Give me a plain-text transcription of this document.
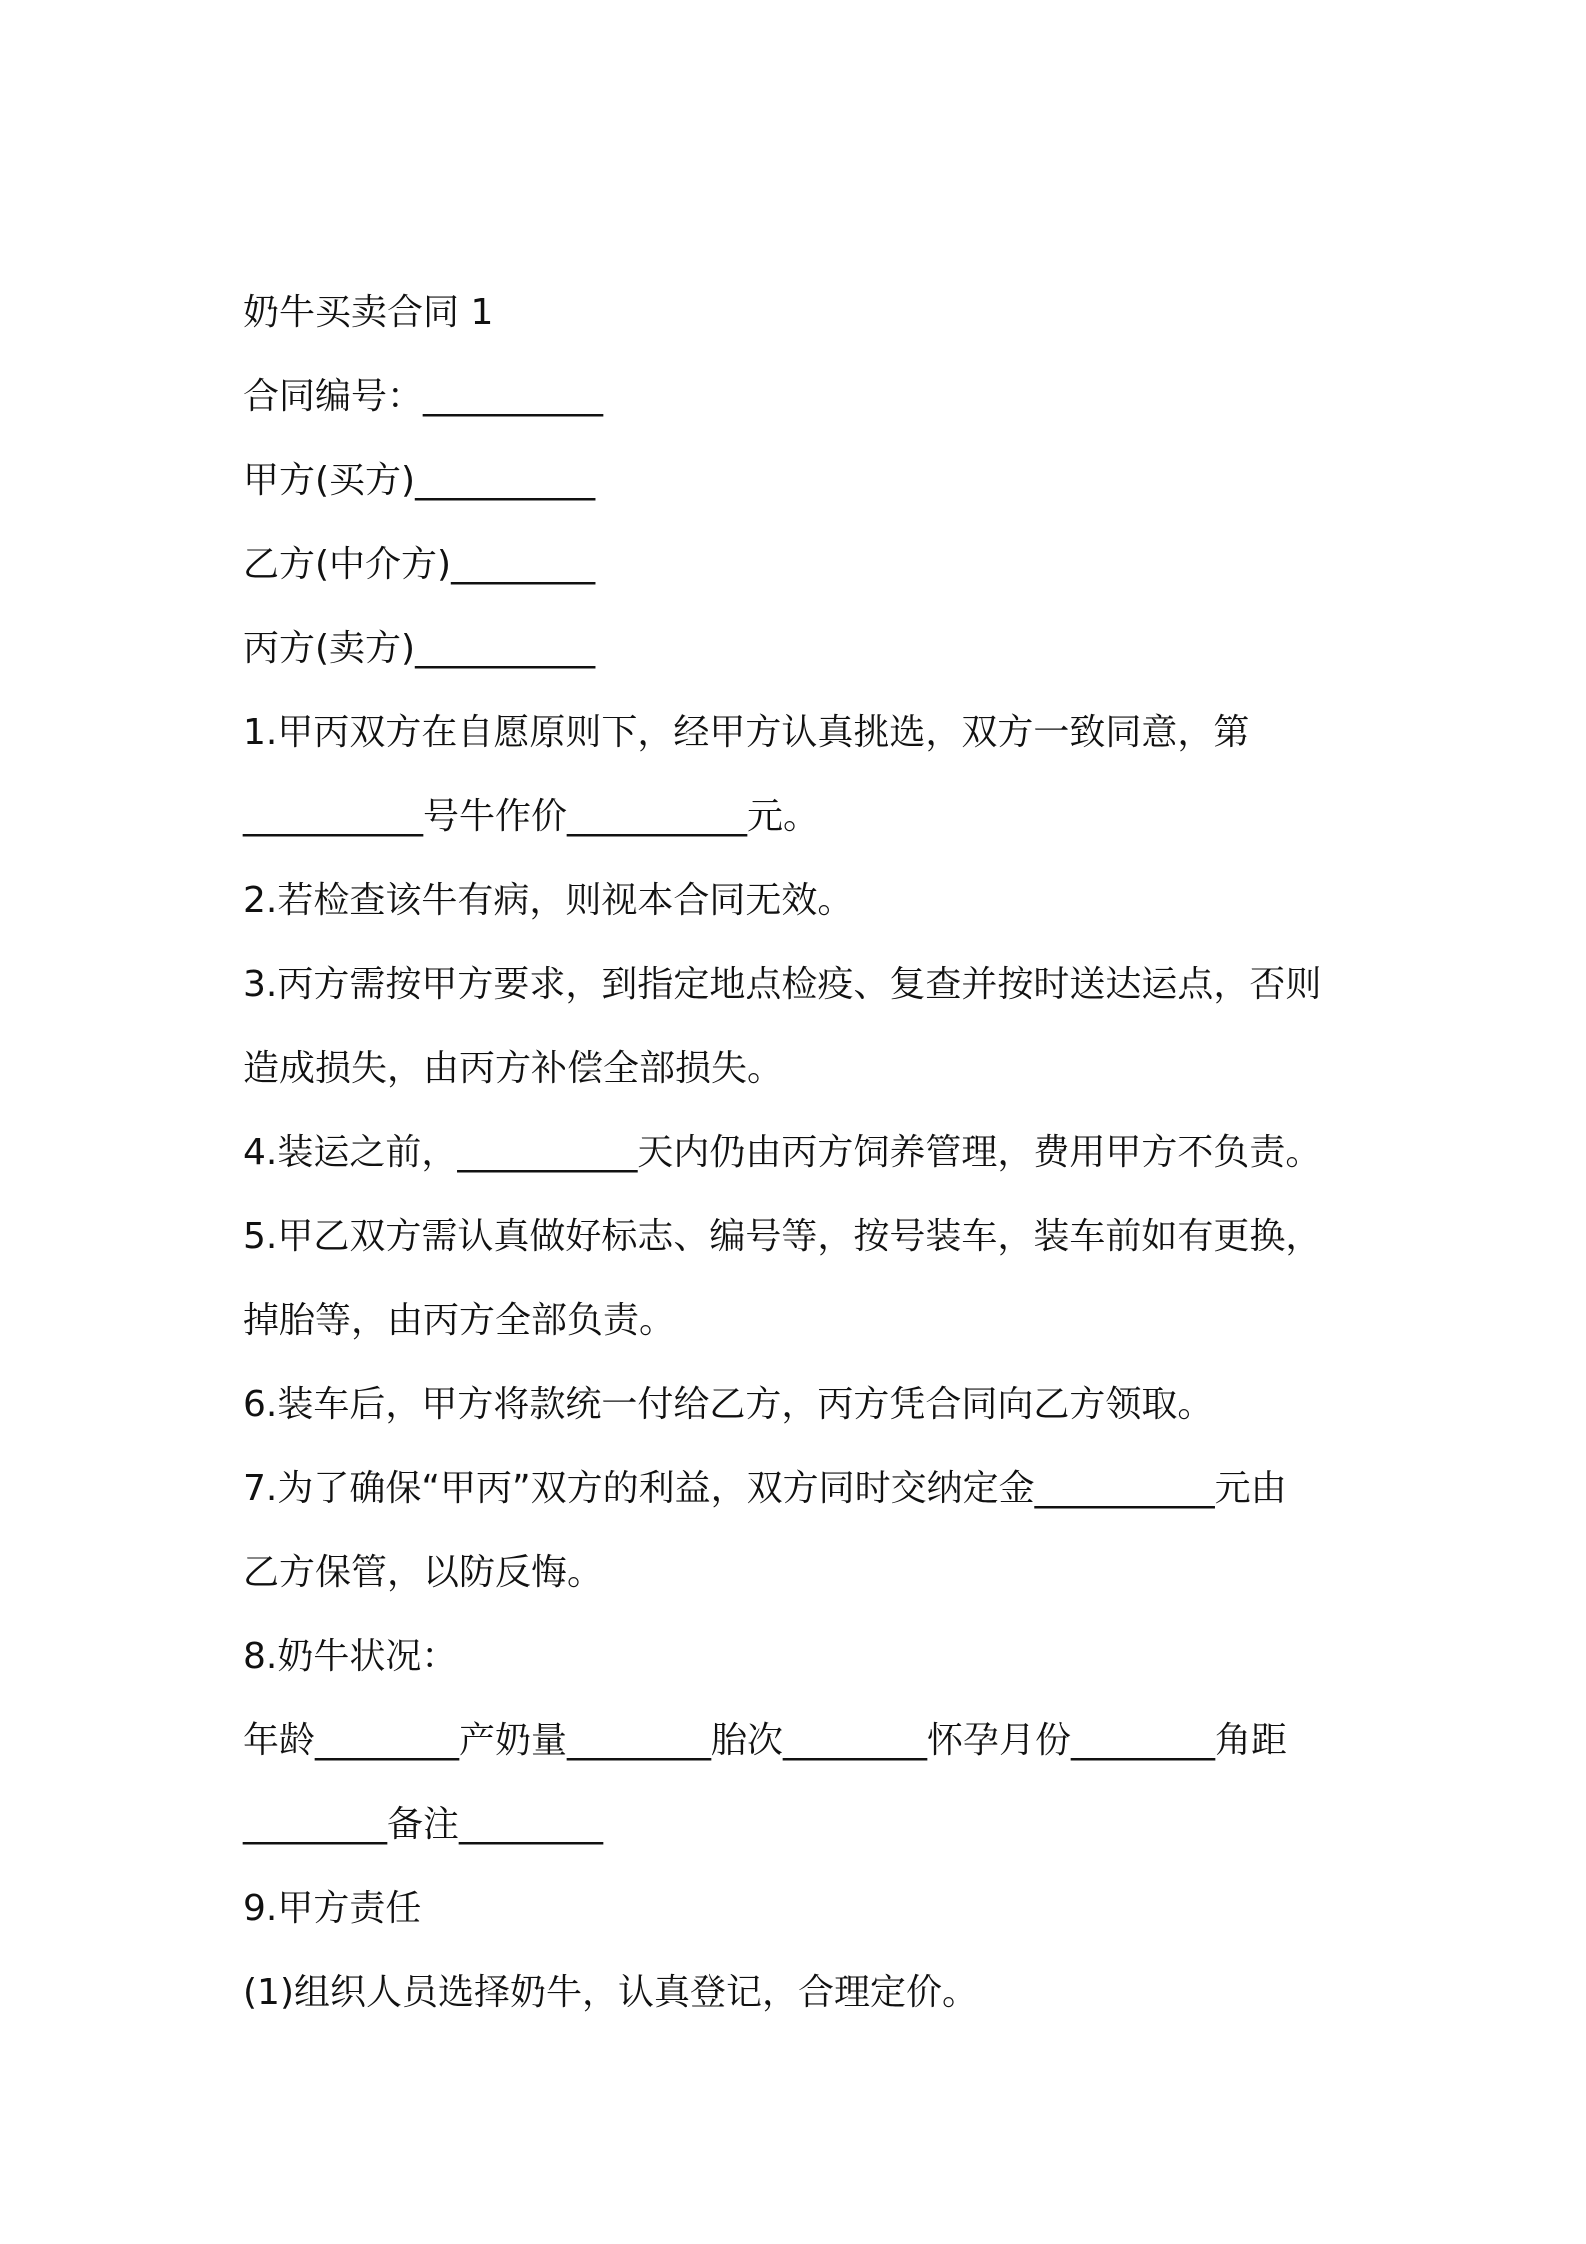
奶牛买卖合同 1
合同编号：__________
甲方(买方)__________
乙方(中介方)________
丙方(卖方)__________
1.甲丙双方在自愿原则下，经甲方认真挑选，双方一致同意，第
__________号牛作价__________元。
2.若检查该牛有病，则视本合同无效。
3.丙方需按甲方要求，到指定地点检疫、复查并按时送达运点，否则
造成损失，由丙方补偿全部损失。
4.装运之前，__________天内仍由丙方饲养管理，费用甲方不负责。
5.甲乙双方需认真做好标志、编号等，按号装车，装车前如有更换，
掉胎等，由丙方全部负责。
6.装车后，甲方将款统一付给乙方，丙方凭合同向乙方领取。
7.为了确保“甲丙”双方的利益，双方同时交纳定金__________元由
乙方保管，以防反悔。
8.奶牛状况：
年龄________产奶量________胎次________怀孕月份________角距
________备注________
9.甲方责任
(1)组织人员选择奶牛，认真登记，合理定价。
